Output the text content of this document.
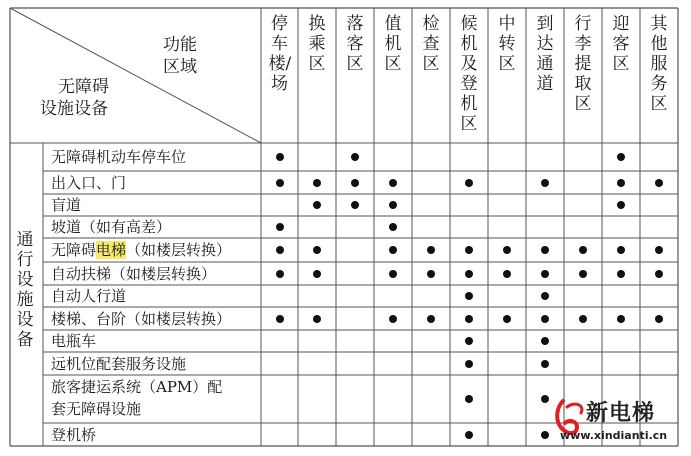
功能
区域
无障碍
设施设备
停车楼/场
换乘区
落客区
值机区
检查区
候机及登机区
中转区
到达通道
行李提取区
迎客区
其他服务区
通行设施设备
无障碍机动车停车位
出入口、门
盲道
坡道（如有高差）
无障碍电梯（如楼层转换）
自动扶梯（如楼层转换）
自动人行道
楼梯、台阶（如楼层转换）
电瓶车
远机位配套服务设施
旅客捷运系统（APM）配
套无障碍设施
登机桥
新电梯
www.xindianti.cn
